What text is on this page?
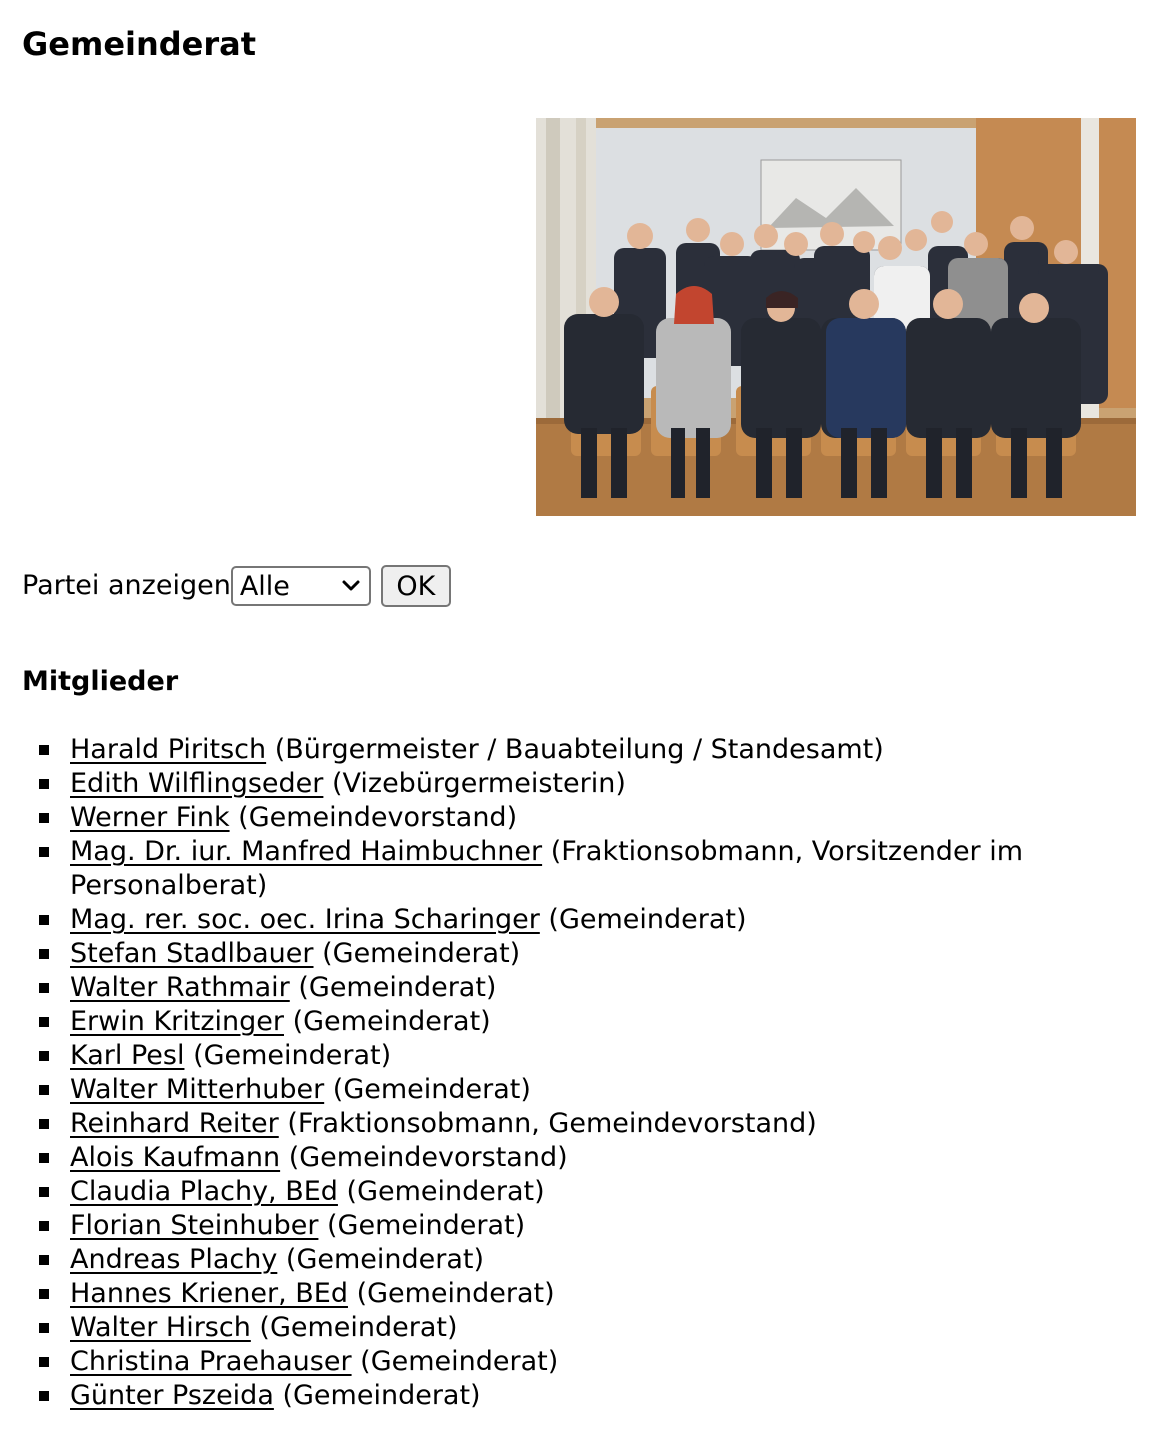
Gemeinderat
Partei anzeigen Alle	OK
Mitglieder
Harald Piritsch (Bürgermeister / Bauabteilung / Standesamt)
Edith Wilflingseder (Vizebürgermeisterin)
Werner Fink (Gemeindevorstand)
Mag. Dr. iur. Manfred Haimbuchner (Fraktionsobmann, Vorsitzender im Personalberat)
Mag. rer. soc. oec. Irina Scharinger (Gemeinderat)
Stefan Stadlbauer (Gemeinderat)
Walter Rathmair (Gemeinderat)
Erwin Kritzinger (Gemeinderat)
Karl Pesl (Gemeinderat)
Walter Mitterhuber (Gemeinderat)
Reinhard Reiter (Fraktionsobmann, Gemeindevorstand)
Alois Kaufmann (Gemeindevorstand)
Claudia Plachy, BEd (Gemeinderat)
Florian Steinhuber (Gemeinderat)
Andreas Plachy (Gemeinderat)
Hannes Kriener, BEd (Gemeinderat)
Walter Hirsch (Gemeinderat)
Christina Praehauser (Gemeinderat)
Günter Pszeida (Gemeinderat)
